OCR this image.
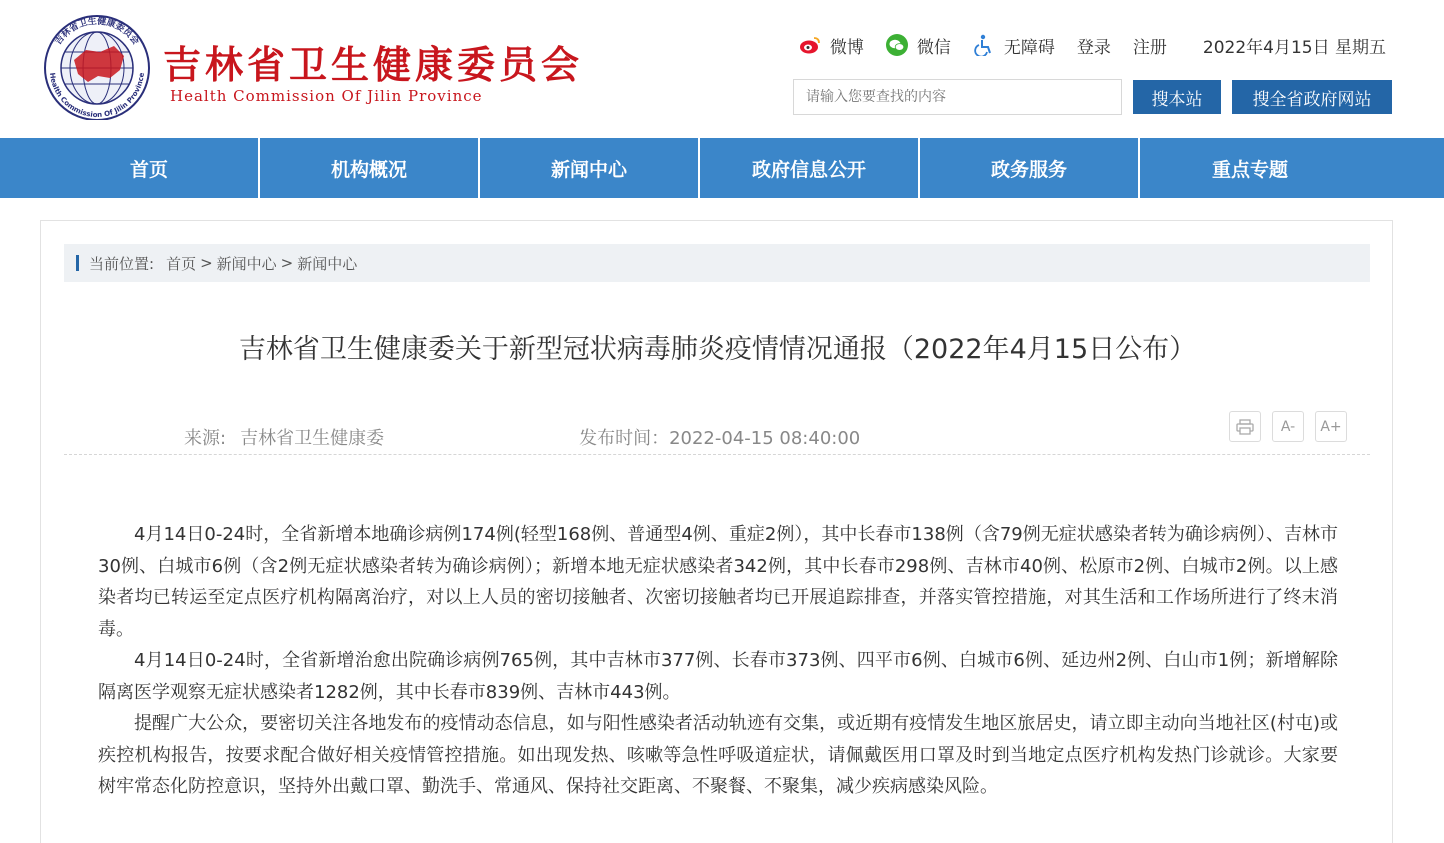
吉林省卫生健康委员会
Health Commission Of Jilin Province 吉林省卫生健康委员会
Health Commission Of Jilin Province
微博	微信	无障碍 登录 注册 2022年4月15日 星期五
请输入您要查找的内容
搜本站	搜全省政府网站
首页	机构概况	新闻中心	政府信息公开	政务服务	重点专题
当前位置: 首页 > 新闻中心 > 新闻中心
吉林省卫生健康委关于新型冠状病毒肺炎疫情情况通报（2022年4月15日公布）
来源: 吉林省卫生健康委	发布时间：2022-04-15 08:40:00
A-	A+

4月14日0-24时，全省新增本地确诊病例174例(轻型168例、普通型4例、重症2例），其中长春市138例（含79例无症状感染者转为确诊病例）、吉林市30例、白城市6例（含2例无症状感染者转为确诊病例）；新增本地无症状感染者342例，其中长春市298例、吉林市40例、松原市2例、白城市2例。以上感染者均已转运至定点医疗机构隔离治疗，对以上人员的密切接触者、次密切接触者均已开展追踪排查，并落实管控措施，对其生活和工作场所进行了终末消毒。

4月14日0-24时，全省新增治愈出院确诊病例765例，其中吉林市377例、长春市373例、四平市6例、白城市6例、延边州2例、白山市1例；新增解除隔离医学观察无症状感染者1282例，其中长春市839例、吉林市443例。

提醒广大公众，要密切关注各地发布的疫情动态信息，如与阳性感染者活动轨迹有交集，或近期有疫情发生地区旅居史，请立即主动向当地社区(村屯)或疾控机构报告，按要求配合做好相关疫情管控措施。如出现发热、咳嗽等急性呼吸道症状，请佩戴医用口罩及时到当地定点医疗机构发热门诊就诊。大家要树牢常态化防控意识，坚持外出戴口罩、勤洗手、常通风、保持社交距离、不聚餐、不聚集，减少疾病感染风险。
